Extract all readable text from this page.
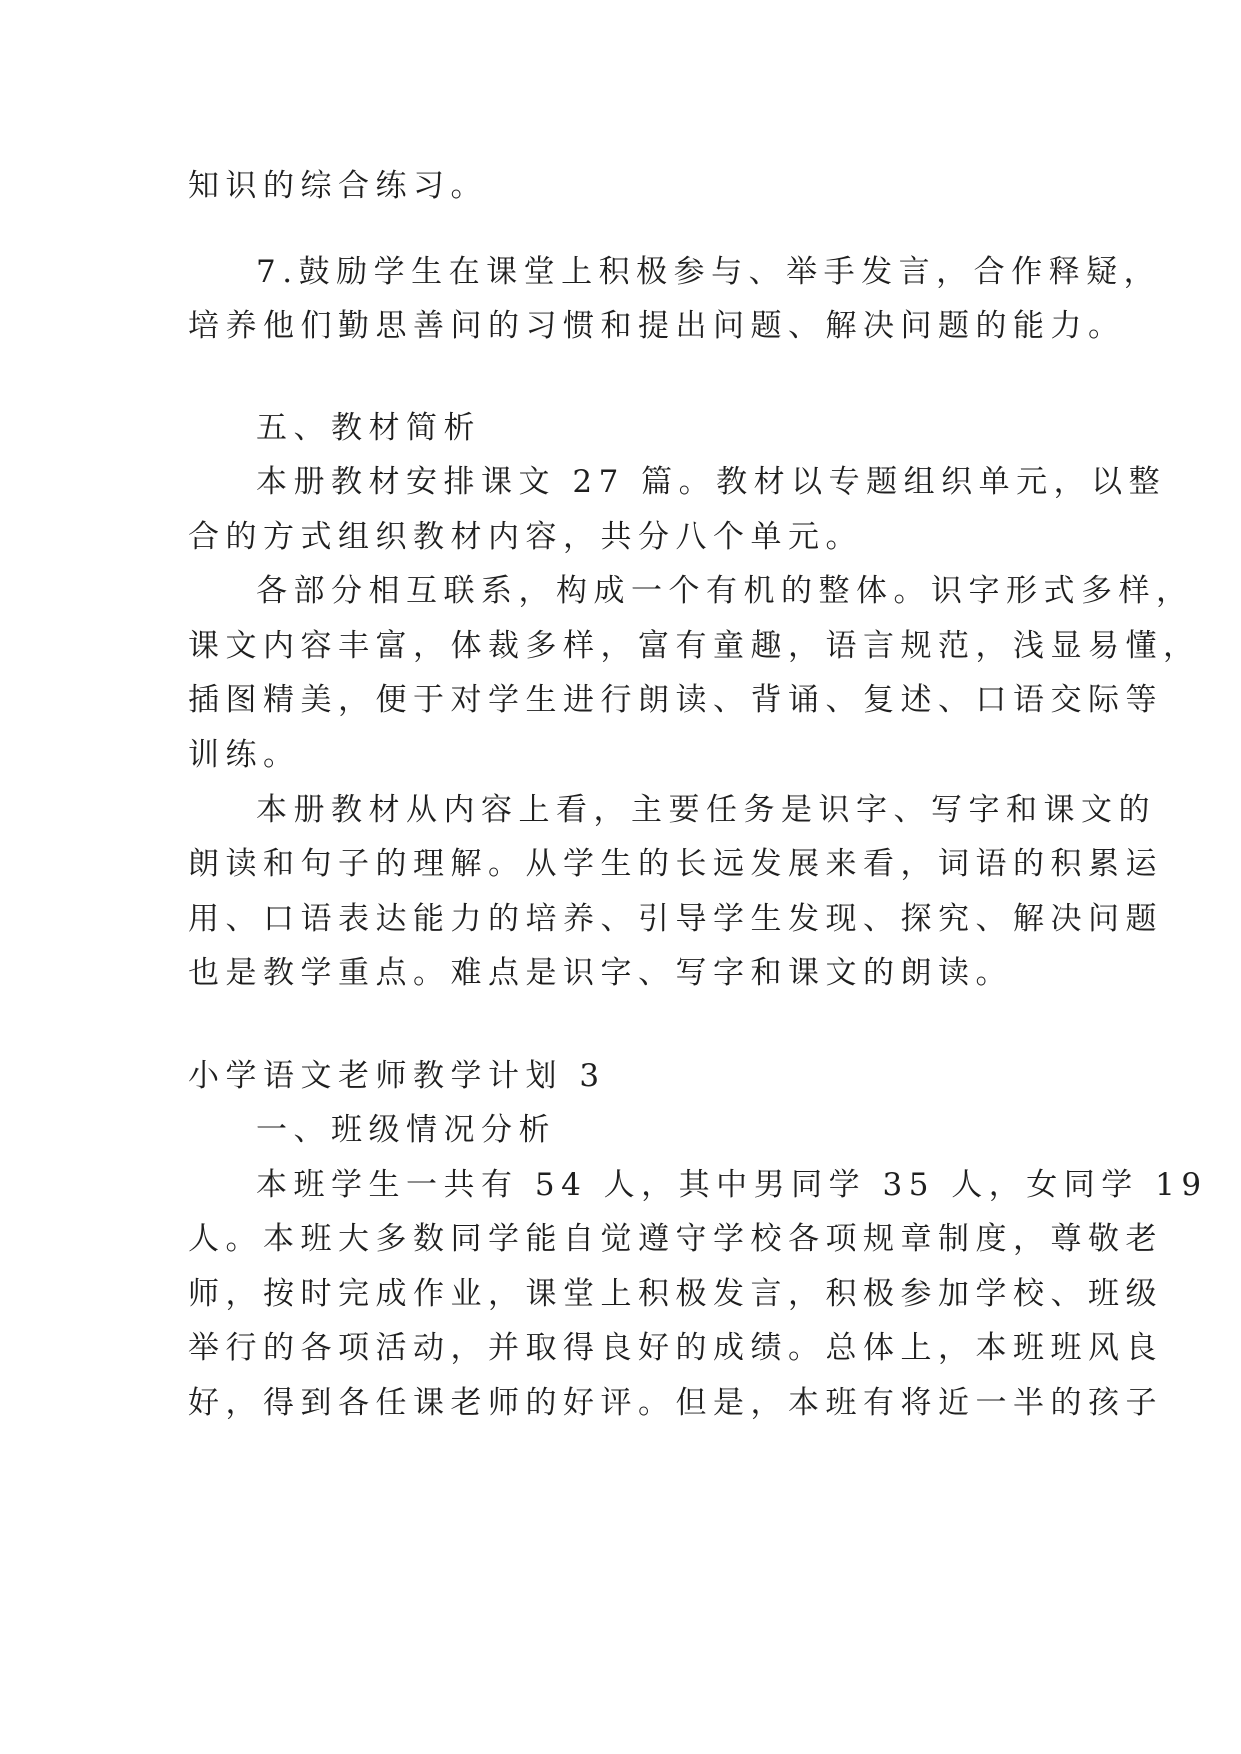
知识的综合练习。
7.鼓励学生在课堂上积极参与、举手发言，合作释疑，
培养他们勤思善问的习惯和提出问题、解决问题的能力。
五、教材简析
本册教材安排课文 27 篇。教材以专题组织单元，以整
合的方式组织教材内容，共分八个单元。
各部分相互联系，构成一个有机的整体。识字形式多样，
课文内容丰富，体裁多样，富有童趣，语言规范，浅显易懂，
插图精美，便于对学生进行朗读、背诵、复述、口语交际等
训练。
本册教材从内容上看，主要任务是识字、写字和课文的
朗读和句子的理解。从学生的长远发展来看，词语的积累运
用、口语表达能力的培养、引导学生发现、探究、解决问题
也是教学重点。难点是识字、写字和课文的朗读。
小学语文老师教学计划 3
一、班级情况分析
本班学生一共有 54 人，其中男同学 35 人，女同学 19
人。本班大多数同学能自觉遵守学校各项规章制度，尊敬老
师，按时完成作业，课堂上积极发言，积极参加学校、班级
举行的各项活动，并取得良好的成绩。总体上，本班班风良
好，得到各任课老师的好评。但是，本班有将近一半的孩子
